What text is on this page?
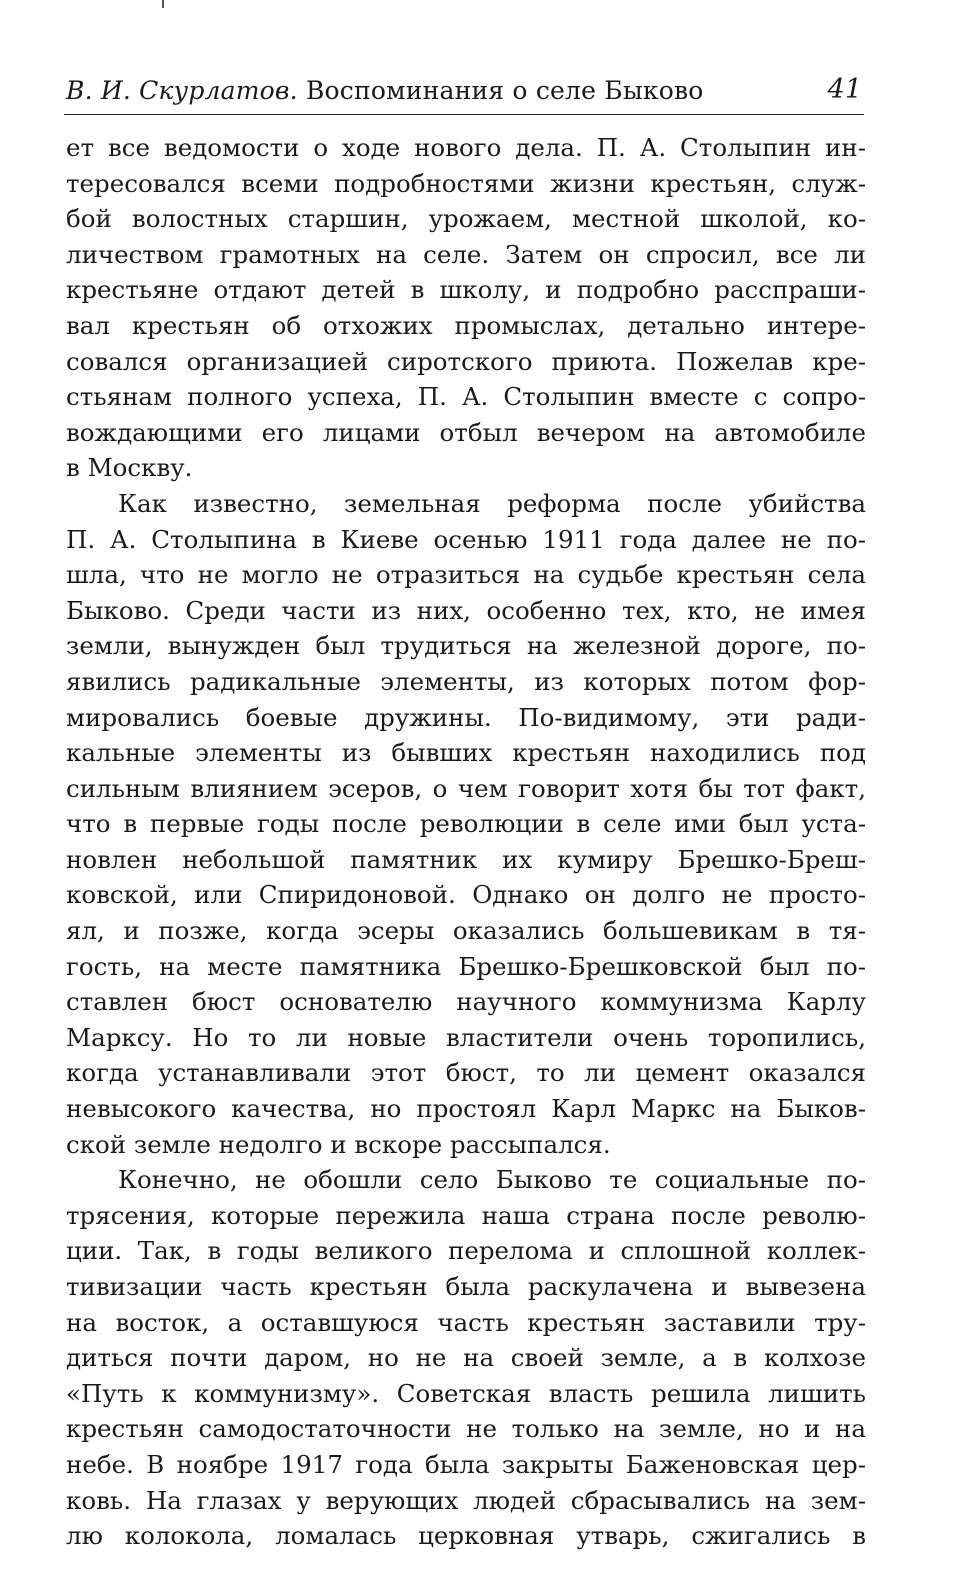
В. И. Скурлатов. Воспоминания о селе Быково	41
ет все ведомости о ходе нового дела. П. А. Столыпин ин-
тересовался всеми подробностями жизни крестьян, служ-
бой волостных старшин, урожаем, местной школой, ко-
личеством грамотных на селе. Затем он спросил, все ли
крестьяне отдают детей в школу, и подробно расспраши-
вал крестьян об отхожих промыслах, детально интере-
совался организацией сиротского приюта. Пожелав кре-
стьянам полного успеха, П. А. Столыпин вместе с сопро-
вождающими его лицами отбыл вечером на автомобиле
в Москву.
Как известно, земельная реформа после убийства
П. А. Столыпина в Киеве осенью 1911 года далее не по-
шла, что не могло не отразиться на судьбе крестьян села
Быково. Среди части из них, особенно тех, кто, не имея
земли, вынужден был трудиться на железной дороге, по-
явились радикальные элементы, из которых потом фор-
мировались боевые дружины. По-видимому, эти ради-
кальные элементы из бывших крестьян находились под
сильным влиянием эсеров, о чем говорит хотя бы тот факт,
что в первые годы после революции в селе ими был уста-
новлен небольшой памятник их кумиру Брешко-Бреш-
ковской, или Спиридоновой. Однако он долго не просто-
ял, и позже, когда эсеры оказались большевикам в тя-
гость, на месте памятника Брешко-Брешковской был по-
ставлен бюст основателю научного коммунизма Карлу
Марксу. Но то ли новые властители очень торопились,
когда устанавливали этот бюст, то ли цемент оказался
невысокого качества, но простоял Карл Маркс на Быков-
ской земле недолго и вскоре рассыпался.
Конечно, не обошли село Быково те социальные по-
трясения, которые пережила наша страна после револю-
ции. Так, в годы великого перелома и сплошной коллек-
тивизации часть крестьян была раскулачена и вывезена
на восток, а оставшуюся часть крестьян заставили тру-
диться почти даром, но не на своей земле, а в колхозе
«Путь к коммунизму». Советская власть решила лишить
крестьян самодостаточности не только на земле, но и на
небе. В ноябре 1917 года была закрыты Баженовская цер-
ковь. На глазах у верующих людей сбрасывались на зем-
лю колокола, ломалась церковная утварь, сжигались в
